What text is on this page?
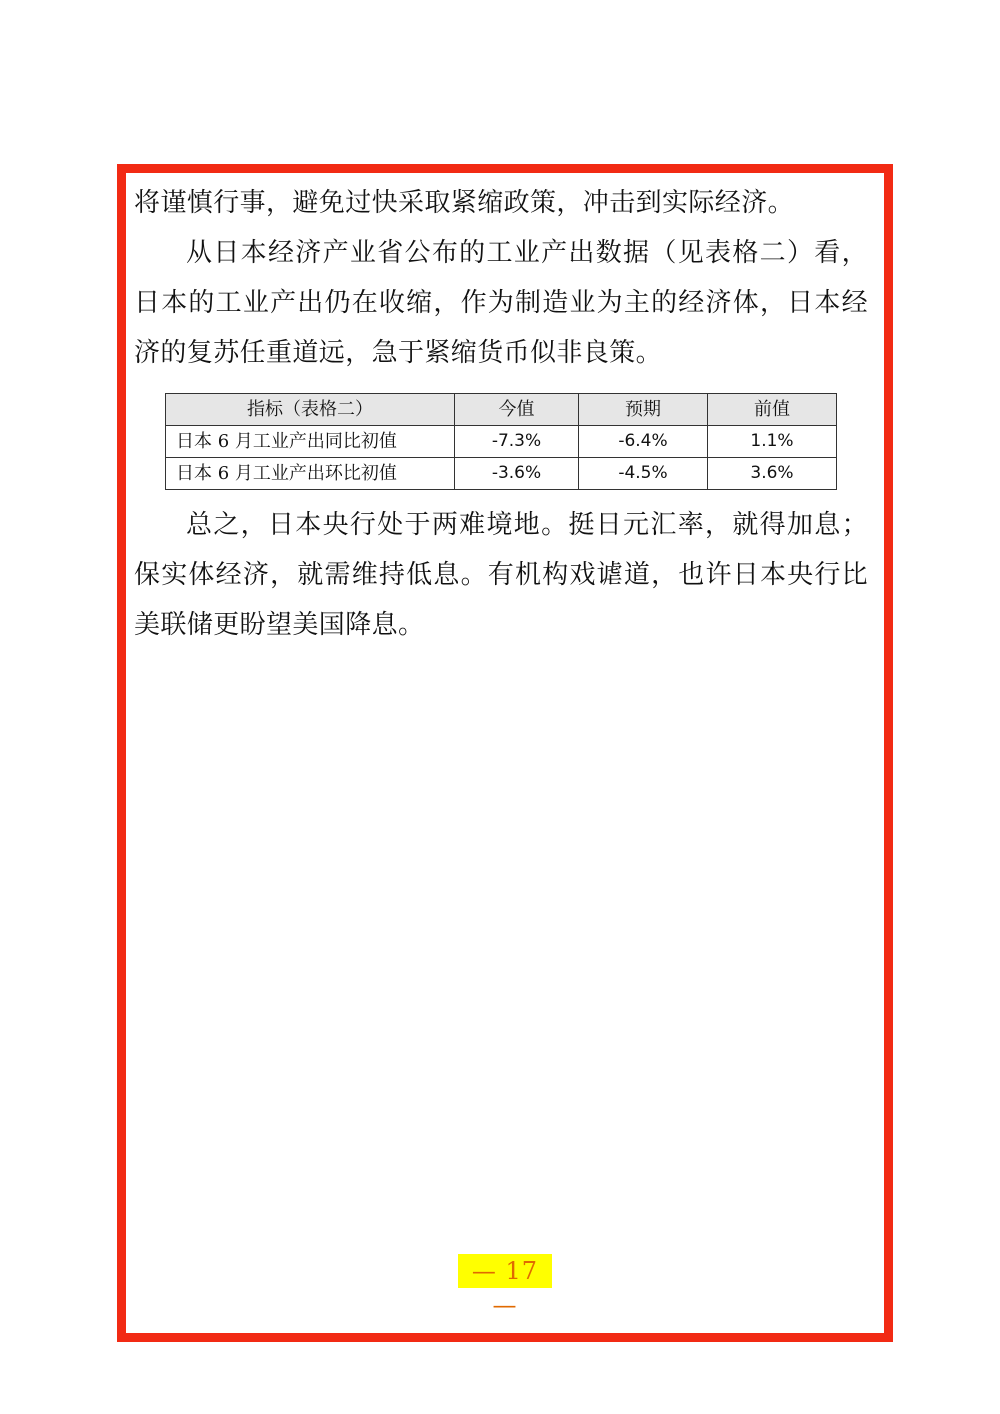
将谨慎行事，避免过快采取紧缩政策，冲击到实际经济。

从日本经济产业省公布的工业产出数据（见表格二）看，日本的工业产出仍在收缩，作为制造业为主的经济体，日本经济的复苏任重道远，急于紧缩货币似非良策。

指标（表格二）	今值	预期	前值
日本 6 月工业产出同比初值	-7.3%	-6.4%	1.1%
日本 6 月工业产出环比初值	-3.6%	-4.5%	3.6%

总之，日本央行处于两难境地。挺日元汇率，就得加息；保实体经济，就需维持低息。有机构戏谑道，也许日本央行比美联储更盼望美国降息。

— 17 —
